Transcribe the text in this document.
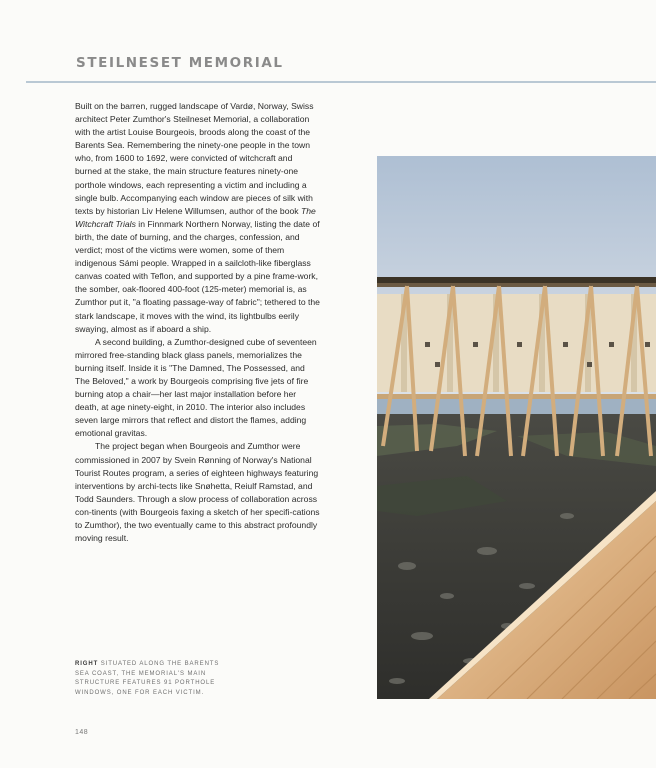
STEILNESET MEMORIAL

Built on the barren, rugged landscape of Vardø, Norway, Swiss architect Peter Zumthor's Steilneset Memorial, a collaboration with the artist Louise Bourgeois, broods along the coast of the Barents Sea. Remembering the ninety-one people in the town who, from 1600 to 1692, were convicted of witchcraft and burned at the stake, the main structure features ninety-one porthole windows, each representing a victim and including a single bulb. Accompanying each window are pieces of silk with texts by historian Liv Helene Willumsen, author of the book The Witchcraft Trials in Finnmark Northern Norway, listing the date of birth, the date of burning, and the charges, confession, and verdict; most of the victims were women, some of them indigenous Sámi people. Wrapped in a sailcloth-like fiberglass canvas coated with Teflon, and supported by a pine frame-work, the somber, oak-floored 400-foot (125-meter) memorial is, as Zumthor put it, "a floating passage-way of fabric"; tethered to the stark landscape, it moves with the wind, its lightbulbs eerily swaying, almost as if aboard a ship.

A second building, a Zumthor-designed cube of seventeen mirrored free-standing black glass panels, memorializes the burning itself. Inside it is "The Damned, The Possessed, and The Beloved," a work by Bourgeois comprising five jets of fire burning atop a chair—her last major installation before her death, at age ninety-eight, in 2010. The interior also includes seven large mirrors that reflect and distort the flames, adding emotional gravitas.

The project began when Bourgeois and Zumthor were commissioned in 2007 by Svein Rønning of Norway's National Tourist Routes program, a series of eighteen highways featuring interventions by archi-tects like Snøhetta, Reiulf Ramstad, and Todd Saunders. Through a slow process of collaboration across con-tinents (with Bourgeois faxing a sketch of her specifi-cations to Zumthor), the two eventually came to this abstract profoundly moving result.

RIGHT SITUATED ALONG THE BARENTS SEA COAST, THE MEMORIAL'S MAIN STRUCTURE FEATURES 91 PORTHOLE WINDOWS, ONE FOR EACH VICTIM.
148
